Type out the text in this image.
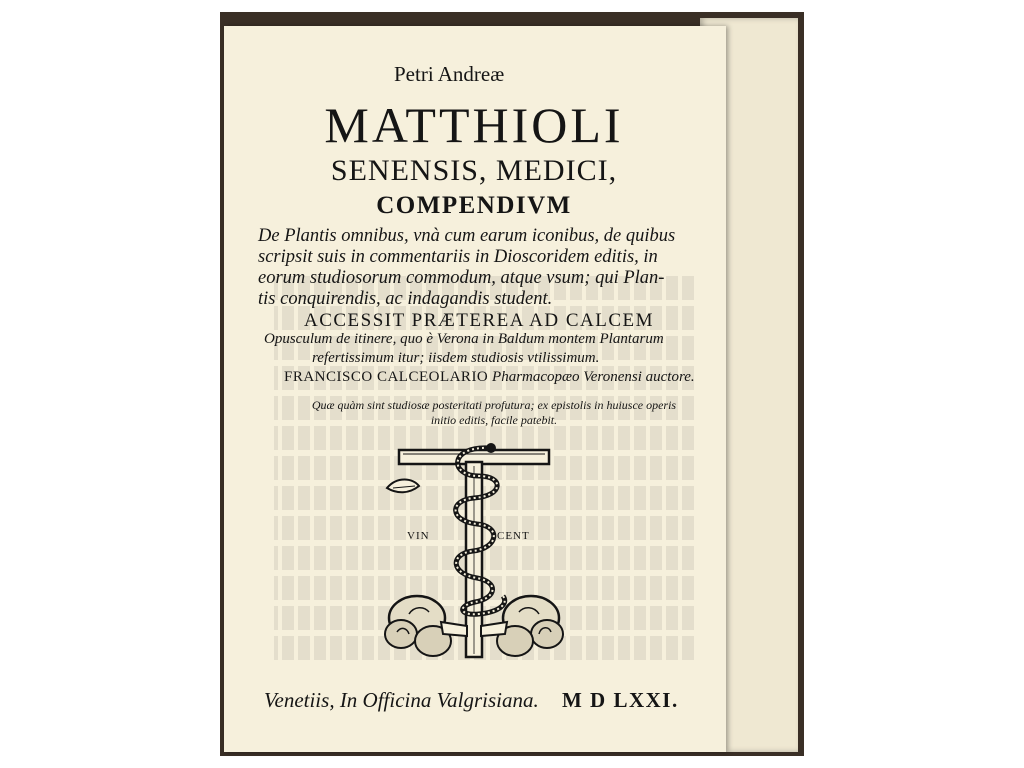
Petri Andreæ
MATTHIOLI
SENENSIS, MEDICI,
COMPENDIVM
De Plantis omnibus, vnà cum earum iconibus, de quibus
scripsit suis in commentariis in Dioscoridem editis, in
eorum studiosorum commodum, atque vsum; qui Plan-
tis conquirendis, ac indagandis student.
ACCESSIT PRÆTEREA AD CALCEM
Opusculum de itinere, quo è Verona in Baldum montem Plantarum
refertissimum itur; iisdem studiosis vtilissimum.
FRANCISCO CALCEOLARIO Pharmacopæo Veronensi auctore.
Quæ quàm sint studiosæ posteritati profutura; ex epistolis in huiusce operis
initio editis, facile patebit.
VIN	CENT
Venetiis, In Officina Valgrisiana. M D LXXI.
